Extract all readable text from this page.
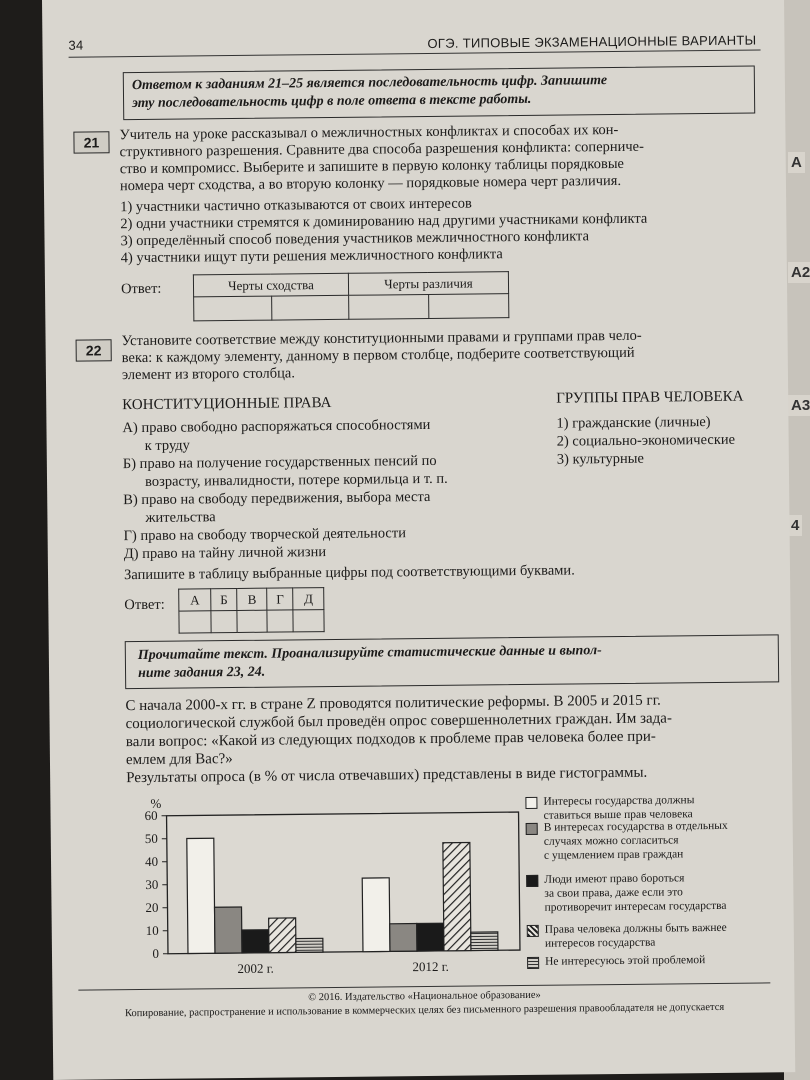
А
А2
А3
4
34	ОГЭ. ТИПОВЫЕ ЭКЗАМЕНАЦИОННЫЕ ВАРИАНТЫ
Ответом к заданиям 21–25 является последовательность цифр. Запишите
эту последовательность цифр в поле ответа в тексте работы.
21	Учитель на уроке рассказывал о межличностных конфликтах и способах их кон-
структивного разрешения. Сравните два способа разрешения конфликта: соперниче-
ство и компромисс. Выберите и запишите в первую колонку таблицы порядковые
номера черт сходства, а во вторую колонку — порядковые номера черт различия.
1) участники частично отказываются от своих интересов
2) одни участники стремятся к доминированию над другими участниками конфликта
3) определённый способ поведения участников межличностного конфликта
4) участники ищут пути решения межличностного конфликта
Ответ:	Черты сходства		Черты различия	

22
Установите соответствие между конституционными правами и группами прав чело-
века: к каждому элементу, данному в первом столбце, подберите соответствующий
элемент из второго столбца.
КОНСТИТУЦИОННЫЕ ПРАВА	ГРУППЫ ПРАВ ЧЕЛОВЕКА
А) право свободно распоряжаться способностями
к труду
Б) право на получение государственных пенсий по
возрасту, инвалидности, потере кормильца и т. п.
В) право на свободу передвижения, выбора места
жительства
Г) право на свободу творческой деятельности
Д) право на тайну личной жизни
1) гражданские (личные)
2) социально-экономические
3) культурные
Запишите в таблицу выбранные цифры под соответствующими буквами.
Ответ: А	Б	В	Г	Д

Прочитайте текст. Проанализируйте статистические данные и выпол-
ните задания 23, 24.
С начала 2000-х гг. в стране Z проводятся политические реформы. В 2005 и 2015 гг.
социологической службой был проведён опрос совершеннолетних граждан. Им зада-
вали вопрос: «Какой из следующих подходов к проблеме прав человека более при-
емлем для Вас?»
Результаты опроса (в % от числа отвечавших) представлены в виде гистограммы.
0
10
20
30
40
50
60
%
2002 г.	2012 г.
Интересы государства должны
ставиться выше прав человека
В интересах государства в отдельных
случаях можно согласиться
с ущемлением прав граждан
Люди имеют право бороться
за свои права, даже если это
противоречит интересам государства
Права человека должны быть важнее
интересов государства
Не интересуюсь этой проблемой
© 2016. Издательство «Национальное образование»
Копирование, распространение и использование в коммерческих целях без письменного разрешения правообладателя не допускается
